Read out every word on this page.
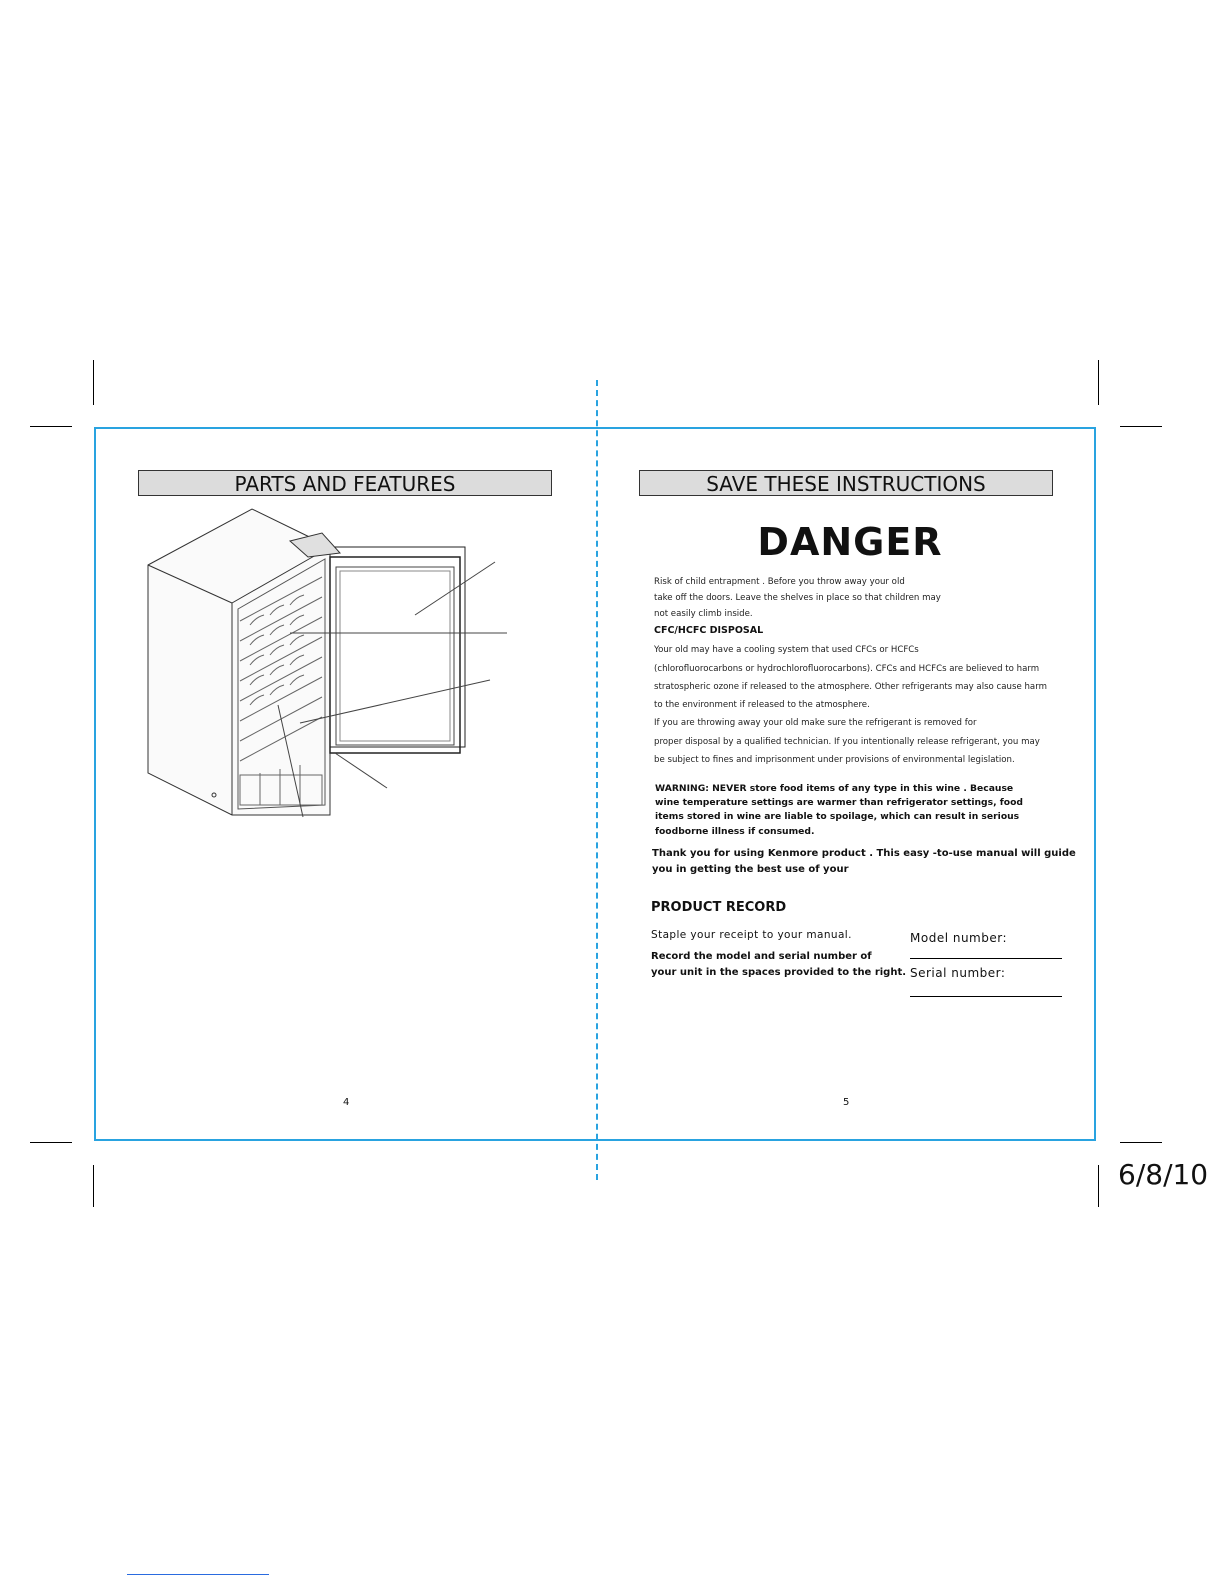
PARTS AND FEATURES
4
SAVE THESE INSTRUCTIONS
DANGER
Risk of child entrapment . Before you throw away your old
take off the doors. Leave the shelves in place so that children may
not easily climb inside.
CFC/HCFC DISPOSAL
Your old may have a cooling system that used CFCs or HCFCs
(chlorofluorocarbons or hydrochlorofluorocarbons). CFCs and HCFCs are believed to harm
stratospheric ozone if released to the atmosphere. Other refrigerants may also cause harm
to the environment if released to the atmosphere.
If you are throwing away your old make sure the refrigerant is removed for
proper disposal by a qualified technician. If you intentionally release refrigerant, you may
be subject to fines and imprisonment under provisions of environmental legislation.
WARNING: NEVER store food items of any type in this wine . Because
wine temperature settings are warmer than refrigerator settings, food
items stored in wine are liable to spoilage, which can result in serious
foodborne illness if consumed.
Thank you for using Kenmore product . This easy -to-use manual will guide
you in getting the best use of your
PRODUCT RECORD
Staple your receipt to your manual.
Record the model and serial number of
your unit in the spaces provided to the right.
Model number:
Serial number:
5
6/8/10
